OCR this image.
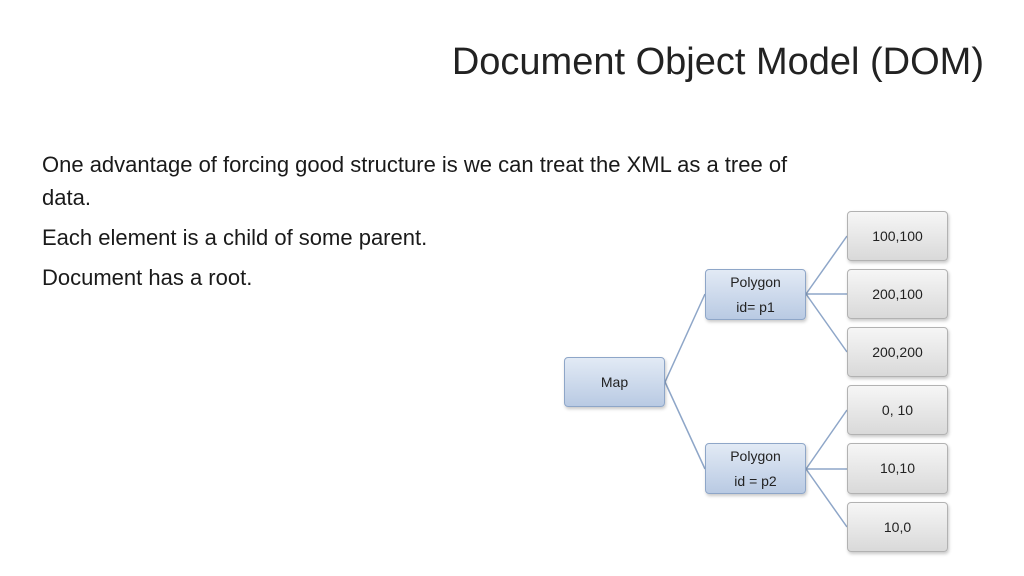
Document Object Model (DOM)

One advantage of forcing good structure is we can treat the XML as a tree of data.

Each element is a child of some parent.

Document has a root.

Map
Polygon
id= p1
Polygon
id = p2
100,100
200,100
200,200
0, 10
10,10
10,0
